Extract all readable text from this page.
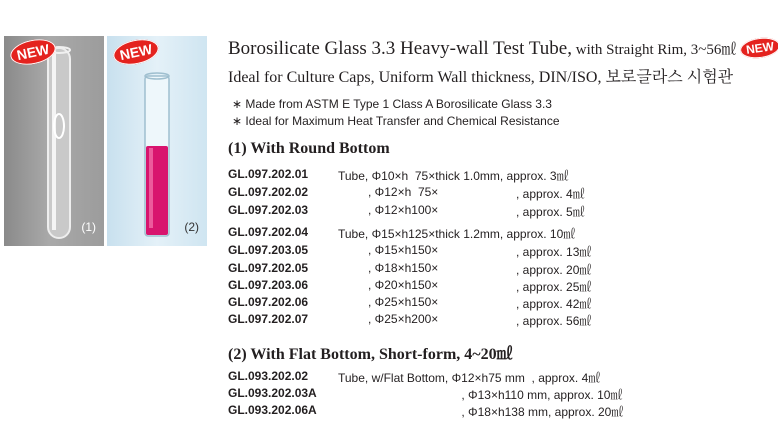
NEW
(1)
NEW
(2)
Borosilicate Glass 3.3 Heavy-wall Test Tube, with Straight Rim, 3~56㎖ NEW
Ideal for Culture Caps, Uniform Wall thickness, DIN/ISO, 보로글라스 시험관
∗ Made from ASTM E Type 1 Class A Borosilicate Glass 3.3
∗ Ideal for Maximum Heat Transfer and Chemical Resistance
(1) With Round Bottom
GL.097.202.01 Tube, Φ10×h  75×thick 1.0mm, approx. 3㎖
GL.097.202.02 , Φ12×h  75×	, approx. 4㎖
GL.097.202.03 , Φ12×h100×	, approx. 5㎖
GL.097.202.04 Tube, Φ15×h125×thick 1.2mm, approx. 10㎖
GL.097.203.05 , Φ15×h150×	, approx. 13㎖
GL.097.202.05 , Φ18×h150×	, approx. 20㎖
GL.097.203.06 , Φ20×h150×	, approx. 25㎖
GL.097.202.06 , Φ25×h150×	, approx. 42㎖
GL.097.202.07 , Φ25×h200×	, approx. 56㎖
(2) With Flat Bottom, Short-form, 4~20㎖
GL.093.202.02 Tube, w/Flat Bottom, Φ12×h75 mm  , approx. 4㎖
GL.093.202.03A , Φ13×h110 mm, approx. 10㎖
GL.093.202.06A , Φ18×h138 mm, approx. 20㎖
